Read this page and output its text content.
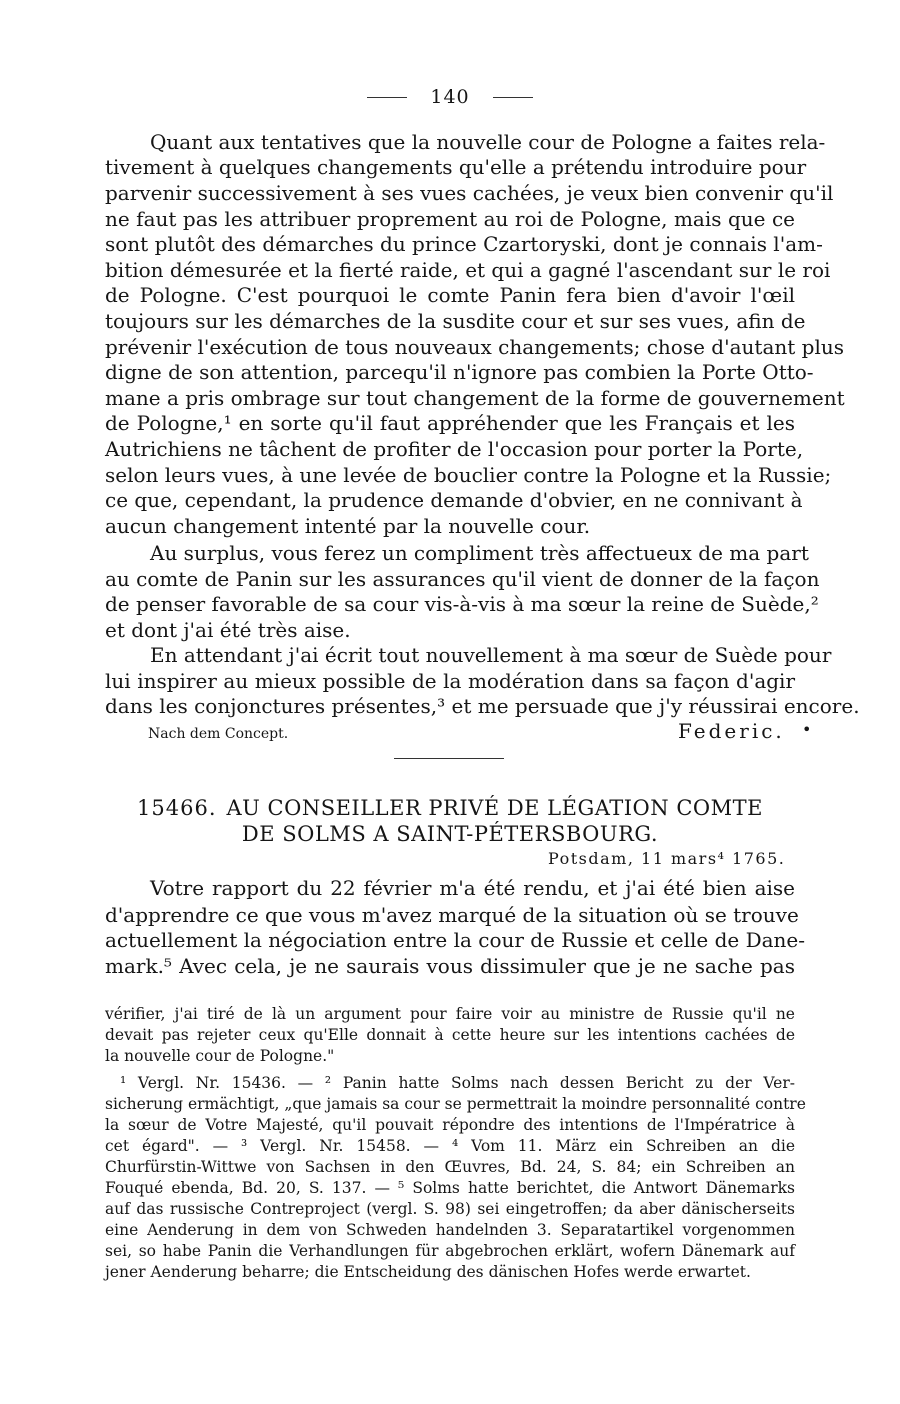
140
Quant aux tentatives que la nouvelle cour de Pologne a faites rela-
tivement à quelques changements qu'elle a prétendu introduire pour
parvenir successivement à ses vues cachées, je veux bien convenir qu'il
ne faut pas les attribuer proprement au roi de Pologne, mais que ce
sont plutôt des démarches du prince Czartoryski, dont je connais l'am-
bition démesurée et la fierté raide, et qui a gagné l'ascendant sur le roi
de Pologne. C'est pourquoi le comte Panin fera bien d'avoir l'œil
toujours sur les démarches de la susdite cour et sur ses vues, afin de
prévenir l'exécution de tous nouveaux changements; chose d'autant plus
digne de son attention, parcequ'il n'ignore pas combien la Porte Otto-
mane a pris ombrage sur tout changement de la forme de gouvernement
de Pologne,¹ en sorte qu'il faut appréhender que les Français et les
Autrichiens ne tâchent de profiter de l'occasion pour porter la Porte,
selon leurs vues, à une levée de bouclier contre la Pologne et la Russie;
ce que, cependant, la prudence demande d'obvier, en ne connivant à
aucun changement intenté par la nouvelle cour.
Au surplus, vous ferez un compliment très affectueux de ma part
au comte de Panin sur les assurances qu'il vient de donner de la façon
de penser favorable de sa cour vis-à-vis à ma sœur la reine de Suède,²
et dont j'ai été très aise.
En attendant j'ai écrit tout nouvellement à ma sœur de Suède pour
lui inspirer au mieux possible de la modération dans sa façon d'agir
dans les conjonctures présentes,³ et me persuade que j'y réussirai encore.
Nach dem Concept.	Federic. •
15466. AU CONSEILLER PRIVÉ DE LÉGATION COMTE
DE SOLMS A SAINT-PÉTERSBOURG.
Potsdam, 11 mars⁴ 1765.
Votre rapport du 22 février m'a été rendu, et j'ai été bien aise
d'apprendre ce que vous m'avez marqué de la situation où se trouve
actuellement la négociation entre la cour de Russie et celle de Dane-
mark.⁵ Avec cela, je ne saurais vous dissimuler que je ne sache pas
vérifier, j'ai tiré de là un argument pour faire voir au ministre de Russie qu'il ne
devait pas rejeter ceux qu'Elle donnait à cette heure sur les intentions cachées de
la nouvelle cour de Pologne."
¹ Vergl. Nr. 15436. — ² Panin hatte Solms nach dessen Bericht zu der Ver-
sicherung ermächtigt, „que jamais sa cour se permettrait la moindre personnalité contre
la sœur de Votre Majesté, qu'il pouvait répondre des intentions de l'Impératrice à
cet égard". — ³ Vergl. Nr. 15458. — ⁴ Vom 11. März ein Schreiben an die
Churfürstin-Wittwe von Sachsen in den Œuvres, Bd. 24, S. 84; ein Schreiben an
Fouqué ebenda, Bd. 20, S. 137. — ⁵ Solms hatte berichtet, die Antwort Dänemarks
auf das russische Contreproject (vergl. S. 98) sei eingetroffen; da aber dänischerseits
eine Aenderung in dem von Schweden handelnden 3. Separatartikel vorgenommen
sei, so habe Panin die Verhandlungen für abgebrochen erklärt, wofern Dänemark auf
jener Aenderung beharre; die Entscheidung des dänischen Hofes werde erwartet.
